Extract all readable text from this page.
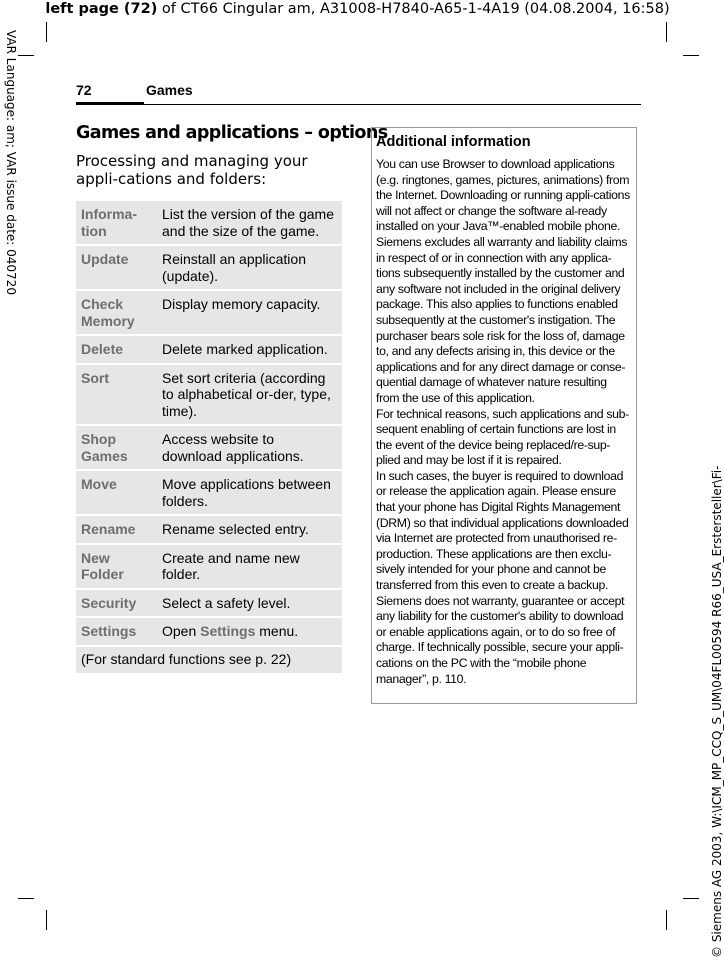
left page (72) of CT66 Cingular am, A31008-H7840-A65-1-4A19 (04.08.2004, 16:58)
VAR Language: am; VAR issue date: 040720
© Siemens AG 2003, W:\ICM_MP_CCQ_S_UM\04FL00594 R66_USA_Erstersteller\Fi-
72	Games
Games and applications – options
Processing and managing your appli-cations and folders:
Informa-tion	List the version of the game and the size of the game.
Update	Reinstall an application (update).
Check Memory	Display memory capacity.
Delete	Delete marked application.
Sort	Set sort criteria (according to alphabetical or-der, type, time).
Shop Games	Access website to download applications.
Move	Move applications between folders.
Rename	Rename selected entry.
New Folder	Create and name new folder.
Security	Select a safety level.
Settings	Open Settings menu.
(For standard functions see p. 22)	
Additional information

You can use Browser to download applications (e.g. ringtones, games, pictures, animations) from the Internet. Downloading or running appli-cations will not affect or change the software al-ready installed on your Java™-enabled mobile phone.

Siemens excludes all warranty and liability claims in respect of or in connection with any applica-tions subsequently installed by the customer and any software not included in the original delivery package. This also applies to functions enabled subsequently at the customer's instigation. The purchaser bears sole risk for the loss of, damage to, and any defects arising in, this device or the applications and for any direct damage or conse-quential damage of whatever nature resulting from the use of this application.

For technical reasons, such applications and sub-sequent enabling of certain functions are lost in the event of the device being replaced/re-sup-plied and may be lost if it is repaired.

In such cases, the buyer is required to download or release the application again. Please ensure that your phone has Digital Rights Management (DRM) so that individual applications downloaded via Internet are protected from unauthorised re-production. These applications are then exclu-sively intended for your phone and cannot be transferred from this even to create a backup.

Siemens does not warranty, guarantee or accept any liability for the customer's ability to download or enable applications again, or to do so free of charge. If technically possible, secure your appli-cations on the PC with the “mobile phone manager”, p. 110.
